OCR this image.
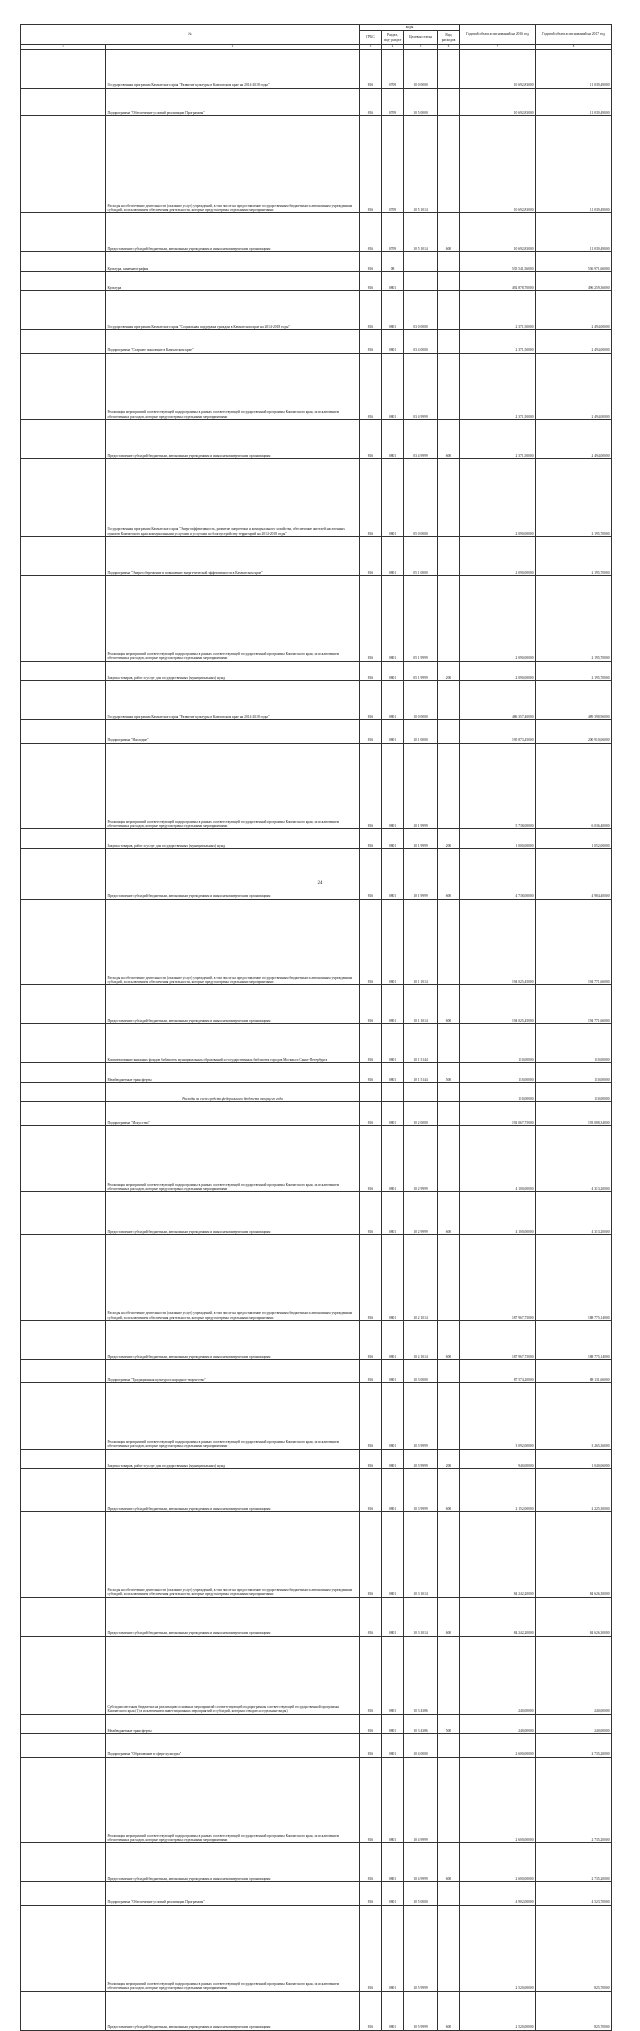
№		коды				Годовой объем ассигнований на 2016 год	Годовой объем ассигнований на 2017 год
		ГРБС	Раздел, под- раздел	Целевая статья	Вид расходов		
1	2	3	4	5	6	7	8
	Государственная программа Камчатского края "Развитие культуры в Камчатском крае на 2014-2018 годы"	816	0709	10 0 0000		10 692,83000	11 039,49000
	Подпрограмма "Обеспечение условий реализации Программы"	816	0709	10 5 0000		10 692,83000	11 039,49000
	Расходы на обеспечение деятельности (оказание услуг) учреждений, в том числе на предоставление государственным бюджетным и автономным учреждениям субсидий, за исключением обеспечения деятельности, которые предусмотрены отдельными мероприятиями	816	0709	10 5 1014		10 692,83000	11 039,49000
	Предоставление субсидий бюджетным, автономным учреждениям и иным некоммерческим организациям	816	0709	10 5 1014	600	10 692,83000	11 039,49000
	Культура, кинематография	816	08			535 541,56000	536 971,66000
	Культура	816	0801			492 878,70000	496 259,36000
	Государственная программа Камчатского края "Социальная поддержка граждан в Камчатском крае на 2014-2018 годы"	816	0801	03 0 0000		2 371,50000	2 494,00000
	Подпрограмма "Старшее поколение в Камчатском крае"	816	0801	03 4 0000		2 371,50000	2 494,00000
	Реализация мероприятий соответствующей подпрограммы в рамках соответствующей государственной программы Камчатского края, за исключением обеспеченных расходов, которые предусмотрены отдельными мероприятиями	816	0801	03 4 9999		2 371,50000	2 494,00000
	Предоставление субсидий бюджетным, автономным учреждениям и иным некоммерческим организациям	816	0801	03 4 9999	600	2 371,50000	2 494,00000
	Государственная программа Камчатского края "Энергоэффективность, развитие энергетики и коммунального хозяйства, обеспечение жителей населенных пунктов Камчатского края коммунальными услугами и услугами по благоустройству территорий на 2014-2018 годы"	816	0801	05 0 0000		2 090,00000	2 195,70000
	Подпрограмма "Энергосбережение и повышение энергетической эффективности в Камчатском крае"	816	0801	05 1 0000		2 090,00000	2 195,70000
	Реализация мероприятий соответствующей подпрограммы в рамках соответствующей государственной программы Камчатского края, за исключением обеспеченных расходов, которые предусмотрены отдельными мероприятиями	816	0801	05 1 9999		2 090,00000	2 195,70000
	Закупка товаров, работ и услуг для государственных (муниципальных) нужд	816	0801	05 1 9999	200	2 090,00000	2 195,70000
	Государственная программа Камчатского края "Развитие культуры в Камчатском крае на 2014-2018 годы"	816	0801	10 0 0000		486 357,40000	489 398,96000
	Подпрограмма "Наследие"	816	0801	10 1 0000		195 873,45000	200 910,06000
	Реализация мероприятий соответствующей подпрограммы в рамках соответствующей государственной программы Камчатского края, за исключением обеспеченных расходов, которые предусмотрены отдельными мероприятиями	816	0801	10 1 9999		5 738,00000	6 036,40000
	Закупка товаров, работ и услуг для государственных (муниципальных) нужд	816	0801	10 1 9999	200	1 000,00000	1 052,00000
	Предоставление субсидий бюджетным, автономным учреждениям и иным некоммерческим организациям	816	0801	10 1 9999	600	4 738,00000	4 984,40000
	Расходы на обеспечение деятельности (оказание услуг) учреждений, в том числе на предоставление государственным бюджетным и автономным учреждениям субсидий, за исключением обеспечения деятельности, которые предусмотрены отдельными мероприятиями	816	0801	10 1 1014		194 025,45000	194 771,66000
	Предоставление субсидий бюджетным, автономным учреждениям и иным некоммерческим организациям	816	0801	10 1 1014	600	194 025,45000	194 771,66000
	Комплектование книжных фондов библиотек муниципальных образований и государственных библиотек городов Москвы и Санкт-Петербурга	816	0801	10 1 5144		110,00000	110,00000
	Межбюджетные трансферты	816	0801	10 1 5144	500	110,00000	110,00000
	Расходы за счет средств федерального бюджета текущего года					110,00000	110,00000
	Подпрограмма "Искусство"	816	0801	10 2 0000		192 067,75000	193 088,34000
	Реализация мероприятий соответствующей подпрограммы в рамках соответствующей государственной программы Камчатского края, за исключением обеспеченных расходов, которые предусмотрены отдельными мероприятиями	816	0801	10 2 9999		4 100,00000	4 313,20000
	Предоставление субсидий бюджетным, автономным учреждениям и иным некоммерческим организациям	816	0801	10 2 9999	600	4 100,00000	4 313,20000
	Расходы на обеспечение деятельности (оказание услуг) учреждений, в том числе на предоставление государственным бюджетным и автономным учреждениям субсидий, за исключением обеспечения деятельности, которые предусмотрены отдельными мероприятиями	816	0801	10 2 1014		187 967,75000	188 775,14000
	Предоставление субсидий бюджетным, автономным учреждениям и иным некоммерческим организациям	816	0801	10 2 1014	600	187 967,75000	188 775,14000
	Подпрограмма "Традиционная культура и народное творчество"	816	0801	10 3 0000		87 574,20000	88 131,66000
	Реализация мероприятий соответствующей подпрограммы в рамках соответствующей государственной программы Камчатского края, за исключением обеспеченных расходов, которые предусмотрены отдельными мероприятиями	816	0801	10 3 9999		3 092,00000	3 265,36000
	Закупка товаров, работ и услуг для государственных (муниципальных) нужд	816	0801	10 3 9999	200	940,00000	1 040,06000
	Предоставление субсидий бюджетным, автономным учреждениям и иным некоммерческим организациям	816	0801	10 3 9999	600	2 152,00000	2 225,30000
	Расходы на обеспечение деятельности (оказание услуг) учреждений, в том числе на предоставление государственным бюджетным и автономным учреждениям субсидий, за исключением обеспечения деятельности, которые предусмотрены отдельными мероприятиями	816	0801	10 3 1014		84 242,20000	84 626,30000
	Предоставление субсидий бюджетным, автономным учреждениям и иным некоммерческим организациям	816	0801	10 3 1014	600	84 242,20000	84 626,30000
	Субсидии местным бюджетам на реализацию основных мероприятий соответствующей подпрограммы соответствующей государственной программы Камчатского края (1) в исключением инвестиционных мероприятий и субсидий, которым отводятся отдельные виды)	816	0801	10 3 4386		240,00000	240,00000
	Межбюджетные трансферты	816	0801	10 3 4386	500	240,00000	240,00000
	Подпрограмма "Образование в сфере культуры"	816	0801	10 4 0000		2 600,00000	2 735,20000
	Реализация мероприятий соответствующей подпрограммы в рамках соответствующей государственной программы Камчатского края, за исключением обеспеченных расходов, которые предусмотрены отдельными мероприятиями	816	0801	10 4 9999		2 600,00000	2 735,20000
	Предоставление субсидий бюджетным, автономным учреждениям и иным некоммерческим организациям	816	0801	10 4 9999	600	2 600,00000	2 735,20000
	Подпрограмма "Обеспечение условий реализации Программы"	816	0801	10 5 0000		4 902,00000	4 523,70000
	Реализация мероприятий соответствующей подпрограммы в рамках соответствующей государственной программы Камчатского края, за исключением обеспеченных расходов, которые предусмотрены отдельными мероприятиями	816	0801	10 5 9999		2 520,00000	825,70000
	Предоставление субсидий бюджетным, автономным учреждениям и иным некоммерческим организациям	816	0801	10 5 9999	600	2 520,00000	825,70000
24
